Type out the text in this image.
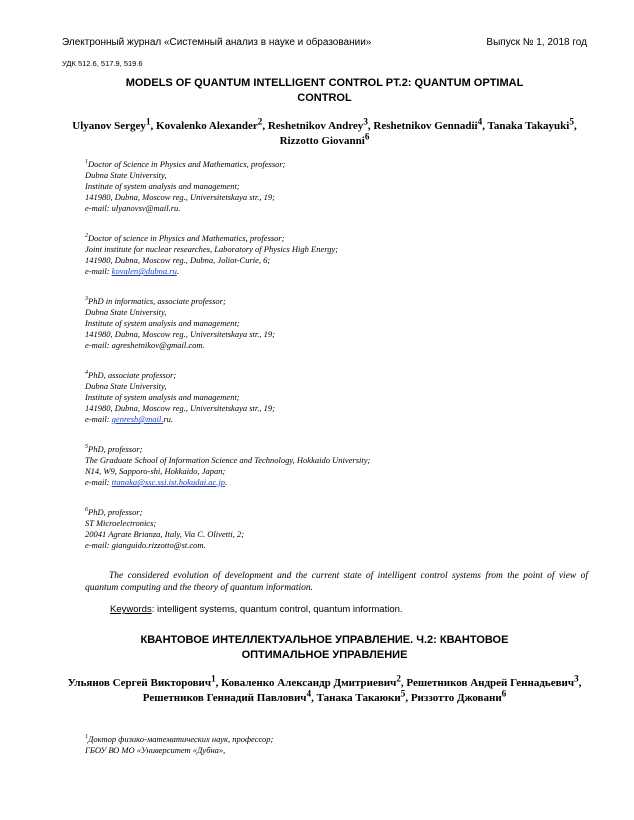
Электронный журнал «Системный анализ в науке и образовании»	Выпуск № 1, 2018 год
УДК 512.6, 517.9, 519.6
MODELS OF QUANTUM INTELLIGENT CONTROL PT.2: QUANTUM OPTIMAL
CONTROL
Ulyanov Sergey$^1$, Kovalenko Alexander$^2$, Reshetnikov Andrey$^3$, Reshetnikov Gennadii$^4$, Tanaka Takayuki$^5$, Rizzotto Giovanni$^6$
$^1$Doctor of Science in Physics and Mathematics, professor;
Dubna State University,
Institute of system analysis and management;
141980, Dubna, Moscow reg., Universitetskaya str., 19;
e-mail: ulyanovsv@mail.ru.
$^2$Doctor of science in Physics and Mathematics, professor;
Joint institute for nuclear researches, Laboratory of Physics High Energy;
141980, Dubna, Moscow reg., Dubna, Joliot-Curie, 6;
e-mail: kovalen@dubna.ru.
$^3$PhD in informatics, associate professor;
Dubna State University,
Institute of system analysis and management;
141980, Dubna, Moscow reg., Universitetskaya str., 19;
e-mail: agreshetnikov@gmail.com.
$^4$PhD, associate professor;
Dubna State University,
Institute of system analysis and management;
141980, Dubna, Moscow reg., Universitetskaya str., 19;
e-mail: genresh@mail.ru.
$^5$PhD, professor;
The Graduate School of Information Science and Technology, Hokkaido University;
N14, W9, Sapporo-shi, Hokkaido, Japan;
e-mail: ttanaka@ssc.ssi.ist.hokudai.ac.jp.
$^6$PhD, professor;
ST Microelectronics;
20041 Agrate Brianza, Italy, Via C. Olivetti, 2;
e-mail: gianguido.rizzotto@st.com.
The considered evolution of development and the current state of intelligent control systems from the point of view of quantum computing and the theory of quantum information.
Keywords: intelligent systems, quantum control, quantum information.
КВАНТОВОЕ ИНТЕЛЛЕКТУАЛЬНОЕ УПРАВЛЕНИЕ. Ч.2: КВАНТОВОЕ
ОПТИМАЛЬНОЕ УПРАВЛЕНИЕ
Ульянов Сергей Викторович$^1$, Коваленко Александр Дмитриевич$^2$, Решетников Андрей Геннадьевич$^3$, Решетников Геннадий Павлович$^4$, Танака Такаюки$^5$, Риззотто Джовани$^6$
$^1$Доктор физико-математических наук, профессор;
ГБОУ ВО МО «Университет «Дубна»,
